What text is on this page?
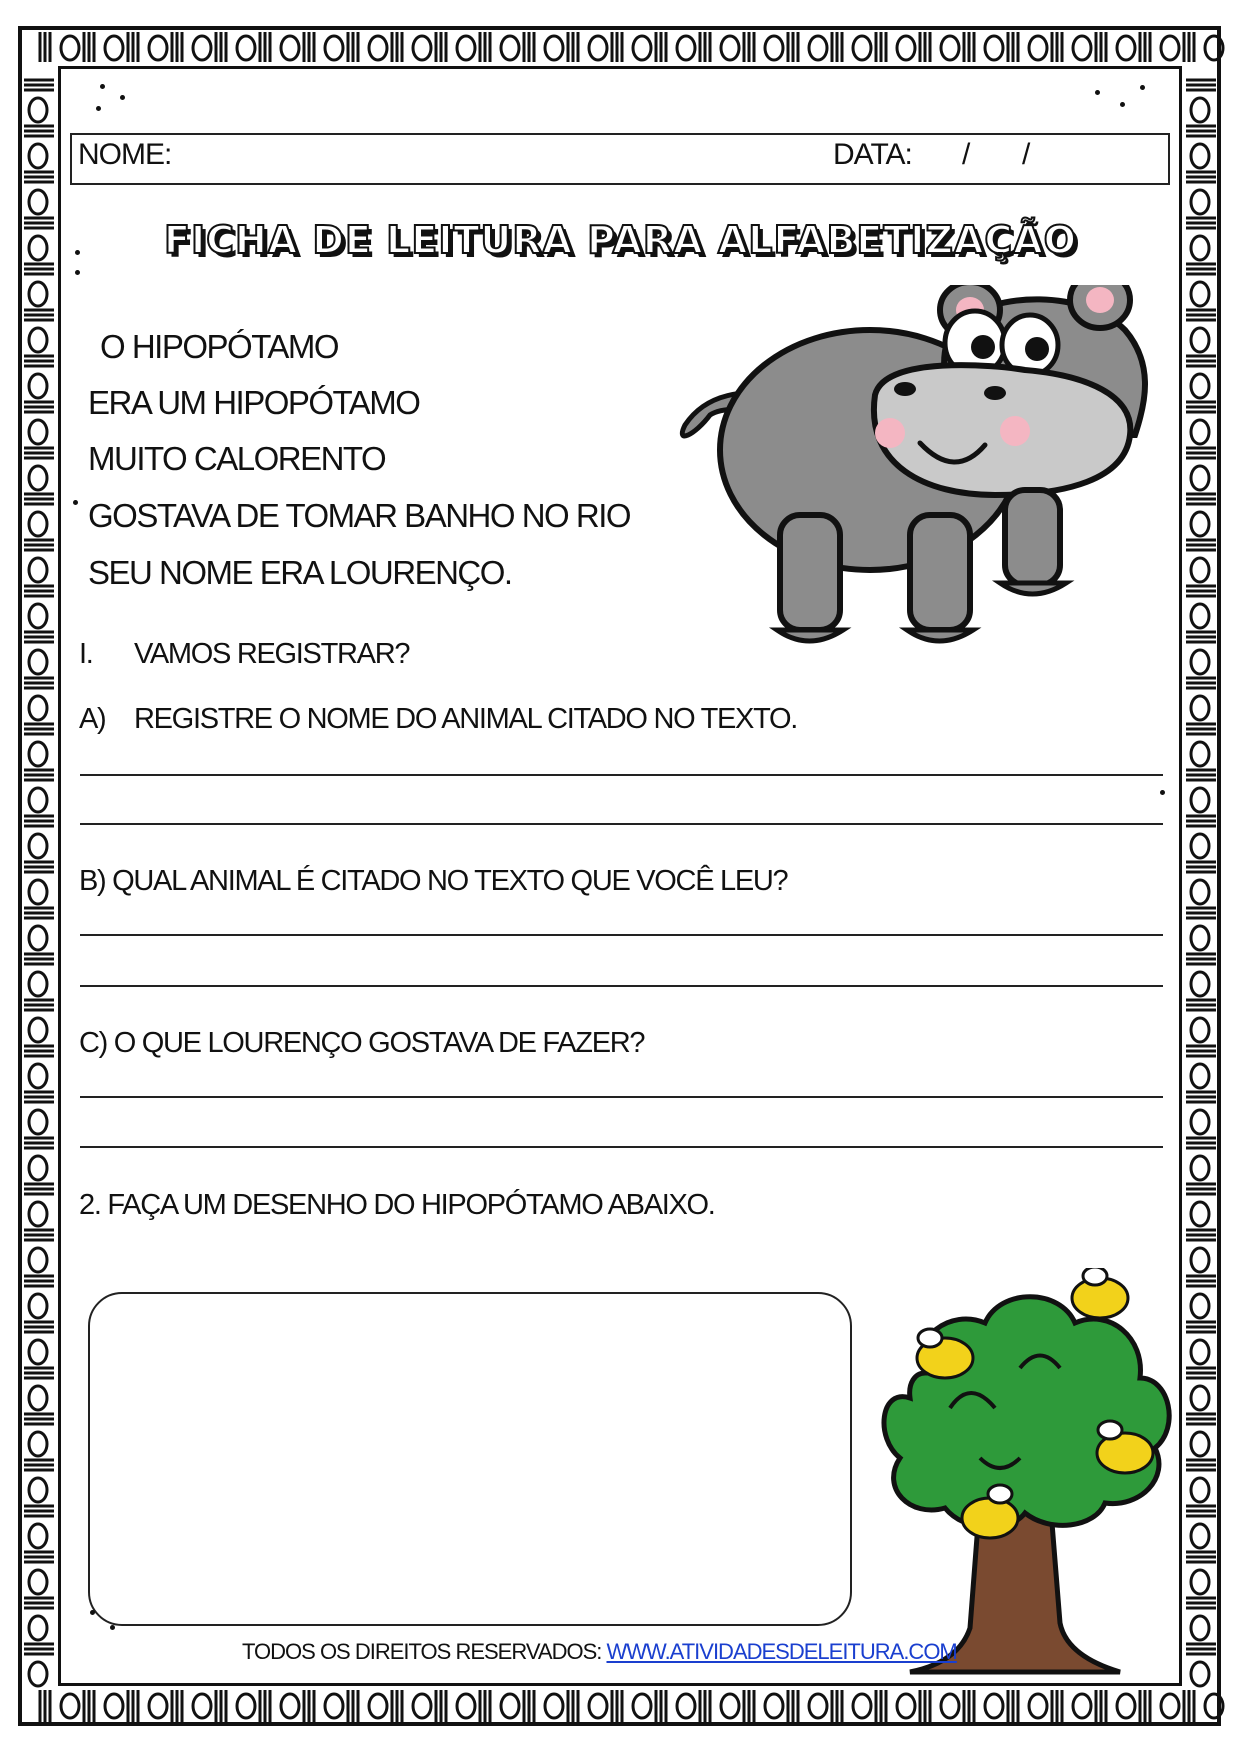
NOME:	DATA: / /
FICHA DE LEITURA PARA ALFABETIZAÇÃO
O HIPOPÓTAMO
ERA UM HIPOPÓTAMO
MUITO CALORENTO
GOSTAVA DE TOMAR BANHO NO RIO
SEU NOME ERA LOURENÇO.
I. VAMOS REGISTRAR?
A) REGISTRE O NOME DO ANIMAL CITADO NO TEXTO.
B) QUAL ANIMAL É CITADO NO TEXTO QUE VOCÊ LEU?
C) O QUE LOURENÇO GOSTAVA DE FAZER?
2. FAÇA UM DESENHO DO HIPOPÓTAMO ABAIXO.
TODOS OS DIREITOS RESERVADOS: WWW.ATIVIDADESDELEITURA.COM
